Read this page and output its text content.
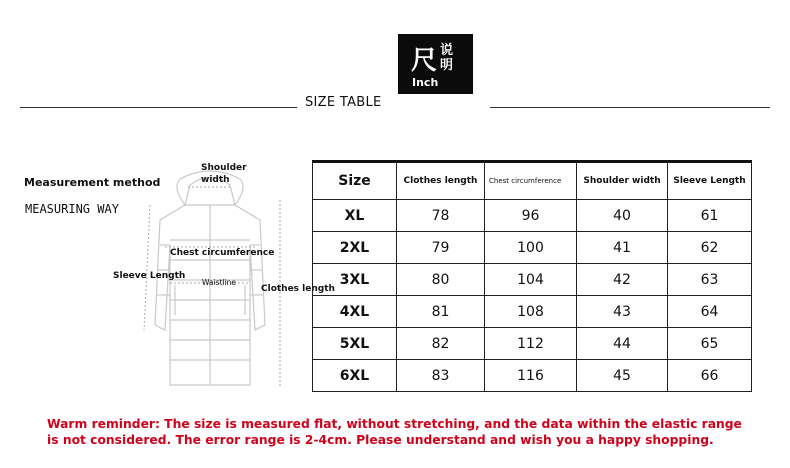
尺 说明
Inch
SIZE TABLE
Measurement method
MEASURING WAY
Shoulder width
Chest circumference
Sleeve Length
Waistline
Clothes length
Size	Clothes length	Chest circumference	Shoulder width	Sleeve Length
XL	78	96	40	61
2XL	79	100	41	62
3XL	80	104	42	63
4XL	81	108	43	64
5XL	82	112	44	65
6XL	83	116	45	66
Warm reminder: The size is measured flat, without stretching, and the data within the elastic range is not considered. The error range is 2-4cm. Please understand and wish you a happy shopping.
